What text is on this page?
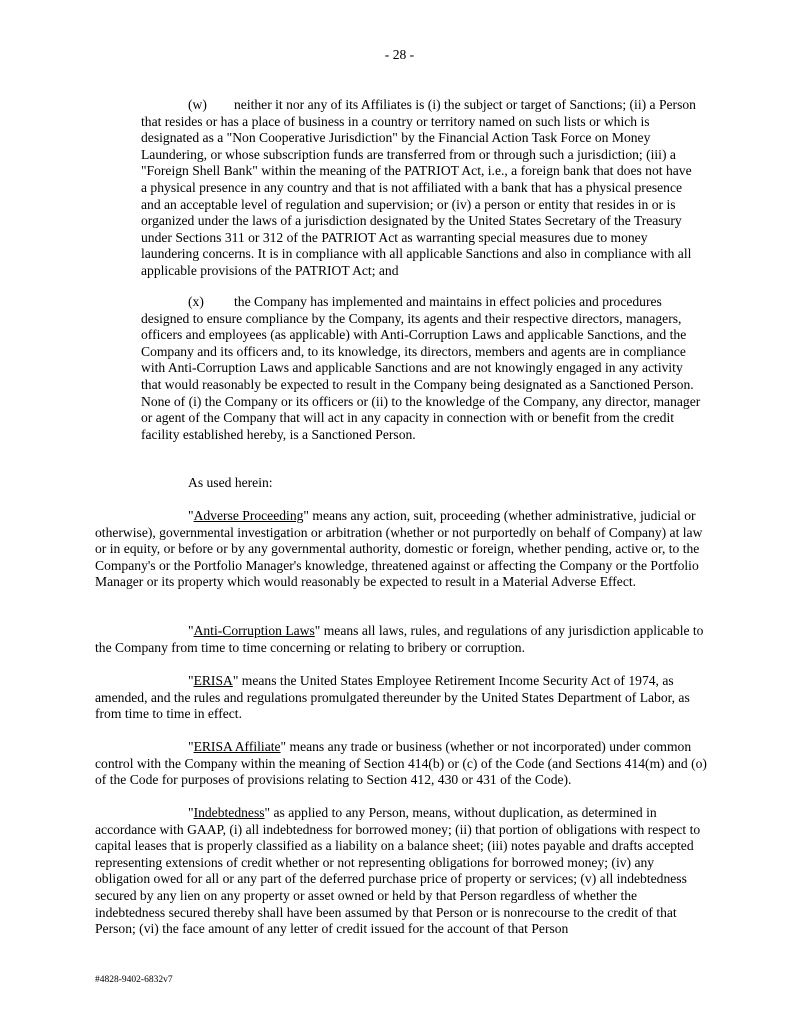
- 28 -

(w) neither it nor any of its Affiliates is (i) the subject or target of Sanctions; (ii) a Person that resides or has a place of business in a country or territory named on such lists or which is designated as a "Non Cooperative Jurisdiction" by the Financial Action Task Force on Money Laundering, or whose subscription funds are transferred from or through such a jurisdiction; (iii) a "Foreign Shell Bank" within the meaning of the PATRIOT Act, i.e., a foreign bank that does not have a physical presence in any country and that is not affiliated with a bank that has a physical presence and an acceptable level of regulation and supervision; or (iv) a person or entity that resides in or is organized under the laws of a jurisdiction designated by the United States Secretary of the Treasury under Sections 311 or 312 of the PATRIOT Act as warranting special measures due to money laundering concerns. It is in compliance with all applicable Sanctions and also in compliance with all applicable provisions of the PATRIOT Act; and

(x) the Company has implemented and maintains in effect policies and procedures designed to ensure compliance by the Company, its agents and their respective directors, managers, officers and employees (as applicable) with Anti-Corruption Laws and applicable Sanctions, and the Company and its officers and, to its knowledge, its directors, members and agents are in compliance with Anti-Corruption Laws and applicable Sanctions and are not knowingly engaged in any activity that would reasonably be expected to result in the Company being designated as a Sanctioned Person. None of (i) the Company or its officers or (ii) to the knowledge of the Company, any director, manager or agent of the Company that will act in any capacity in connection with or benefit from the credit facility established hereby, is a Sanctioned Person.

As used herein:

"Adverse Proceeding" means any action, suit, proceeding (whether administrative, judicial or otherwise), governmental investigation or arbitration (whether or not purportedly on behalf of Company) at law or in equity, or before or by any governmental authority, domestic or foreign, whether pending, active or, to the Company's or the Portfolio Manager's knowledge, threatened against or affecting the Company or the Portfolio Manager or its property which would reasonably be expected to result in a Material Adverse Effect.

"Anti-Corruption Laws" means all laws, rules, and regulations of any jurisdiction applicable to the Company from time to time concerning or relating to bribery or corruption.

"ERISA" means the United States Employee Retirement Income Security Act of 1974, as amended, and the rules and regulations promulgated thereunder by the United States Department of Labor, as from time to time in effect.

"ERISA Affiliate" means any trade or business (whether or not incorporated) under common control with the Company within the meaning of Section 414(b) or (c) of the Code (and Sections 414(m) and (o) of the Code for purposes of provisions relating to Section 412, 430 or 431 of the Code).

"Indebtedness" as applied to any Person, means, without duplication, as determined in accordance with GAAP, (i) all indebtedness for borrowed money; (ii) that portion of obligations with respect to capital leases that is properly classified as a liability on a balance sheet; (iii) notes payable and drafts accepted representing extensions of credit whether or not representing obligations for borrowed money; (iv) any obligation owed for all or any part of the deferred purchase price of property or services; (v) all indebtedness secured by any lien on any property or asset owned or held by that Person regardless of whether the indebtedness secured thereby shall have been assumed by that Person or is nonrecourse to the credit of that Person; (vi) the face amount of any letter of credit issued for the account of that Person

#4828-9402-6832v7
